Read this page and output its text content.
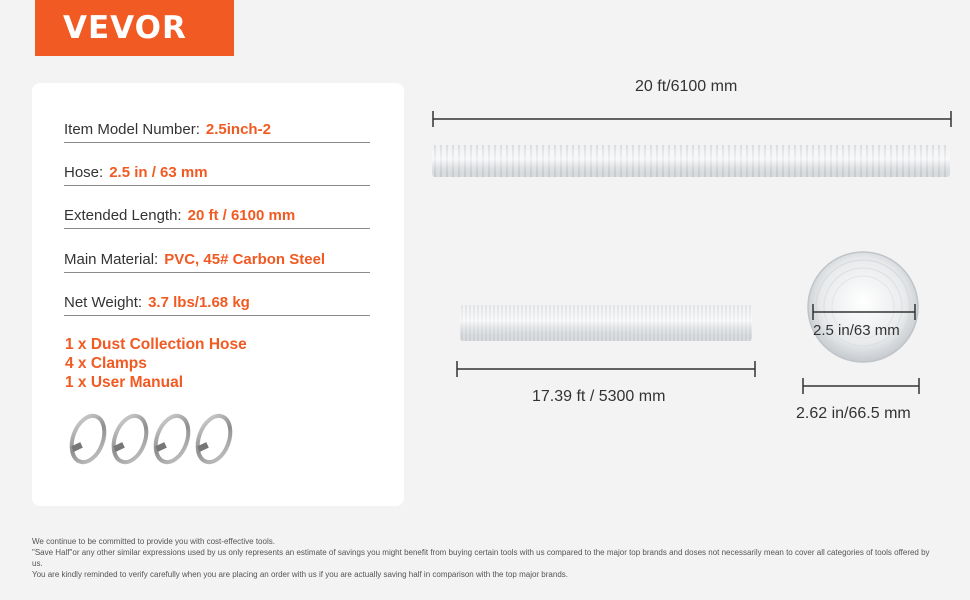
VEVOR
Item Model Number: 2.5inch-2
Hose: 2.5 in / 63 mm
Extended Length: 20 ft / 6100 mm
Main Material: PVC, 45# Carbon Steel
Net Weight: 3.7 lbs/1.68 kg
1 x Dust Collection Hose
4 x Clamps
1 x User Manual
20 ft/6100 mm
17.39 ft / 5300 mm
2.5 in/63 mm
2.62 in/66.5 mm
We continue to be committed to provide you with cost-effective tools.
"Save Half"or any other similar expressions used by us only represents an estimate of savings you might benefit from buying certain tools with us compared to the major top brands and doses not necessarily mean to cover all categories of tools offered by us.
You are kindly reminded to verify carefully when you are placing an order with us if you are actually saving half in comparison with the top major brands.
